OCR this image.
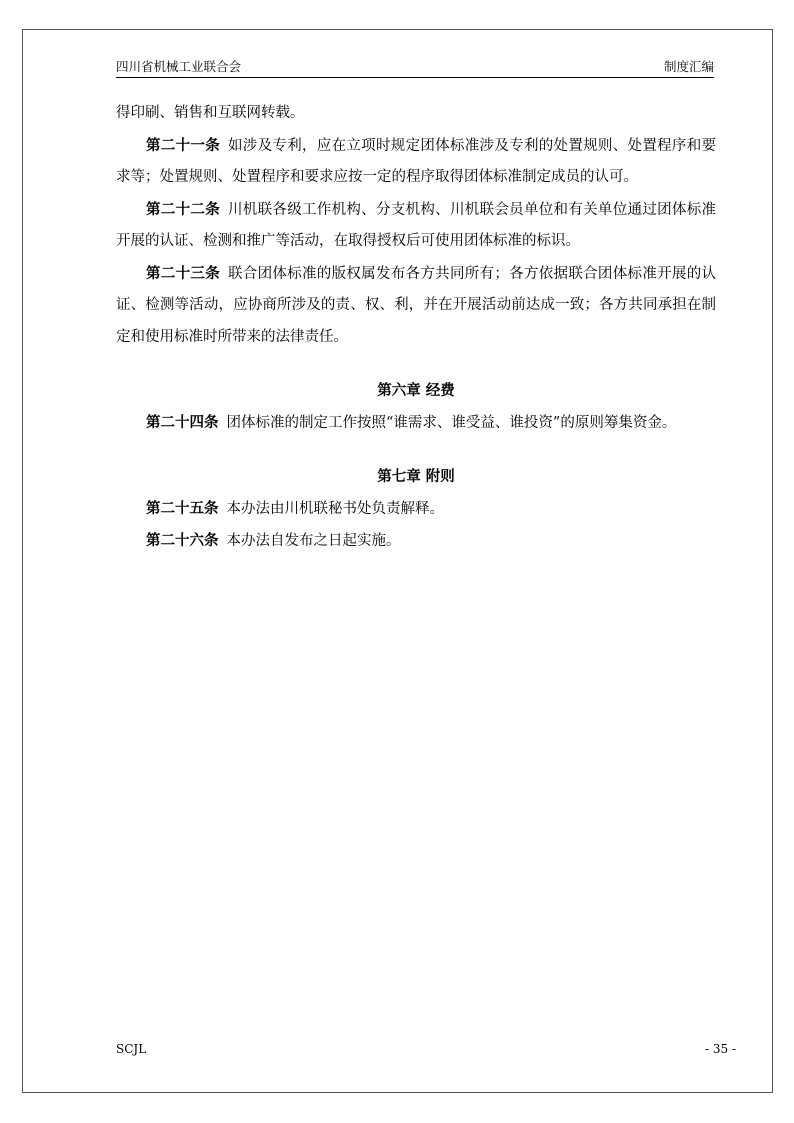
四川省机械工业联合会	制度汇编

得印刷、销售和互联网转载。

第二十一条 如涉及专利，应在立项时规定团体标准涉及专利的处置规则、处置程序和要求等；处置规则、处置程序和要求应按一定的程序取得团体标准制定成员的认可。

第二十二条 川机联各级工作机构、分支机构、川机联会员单位和有关单位通过团体标准开展的认证、检测和推广等活动，在取得授权后可使用团体标准的标识。

第二十三条 联合团体标准的版权属发布各方共同所有；各方依据联合团体标准开展的认证、检测等活动，应协商所涉及的责、权、利，并在开展活动前达成一致；各方共同承担在制定和使用标准时所带来的法律责任。

第六章 经费

第二十四条 团体标准的制定工作按照“谁需求、谁受益、谁投资”的原则筹集资金。

第七章 附则

第二十五条 本办法由川机联秘书处负责解释。

第二十六条 本办法自发布之日起实施。

SCJL	- 35 -
